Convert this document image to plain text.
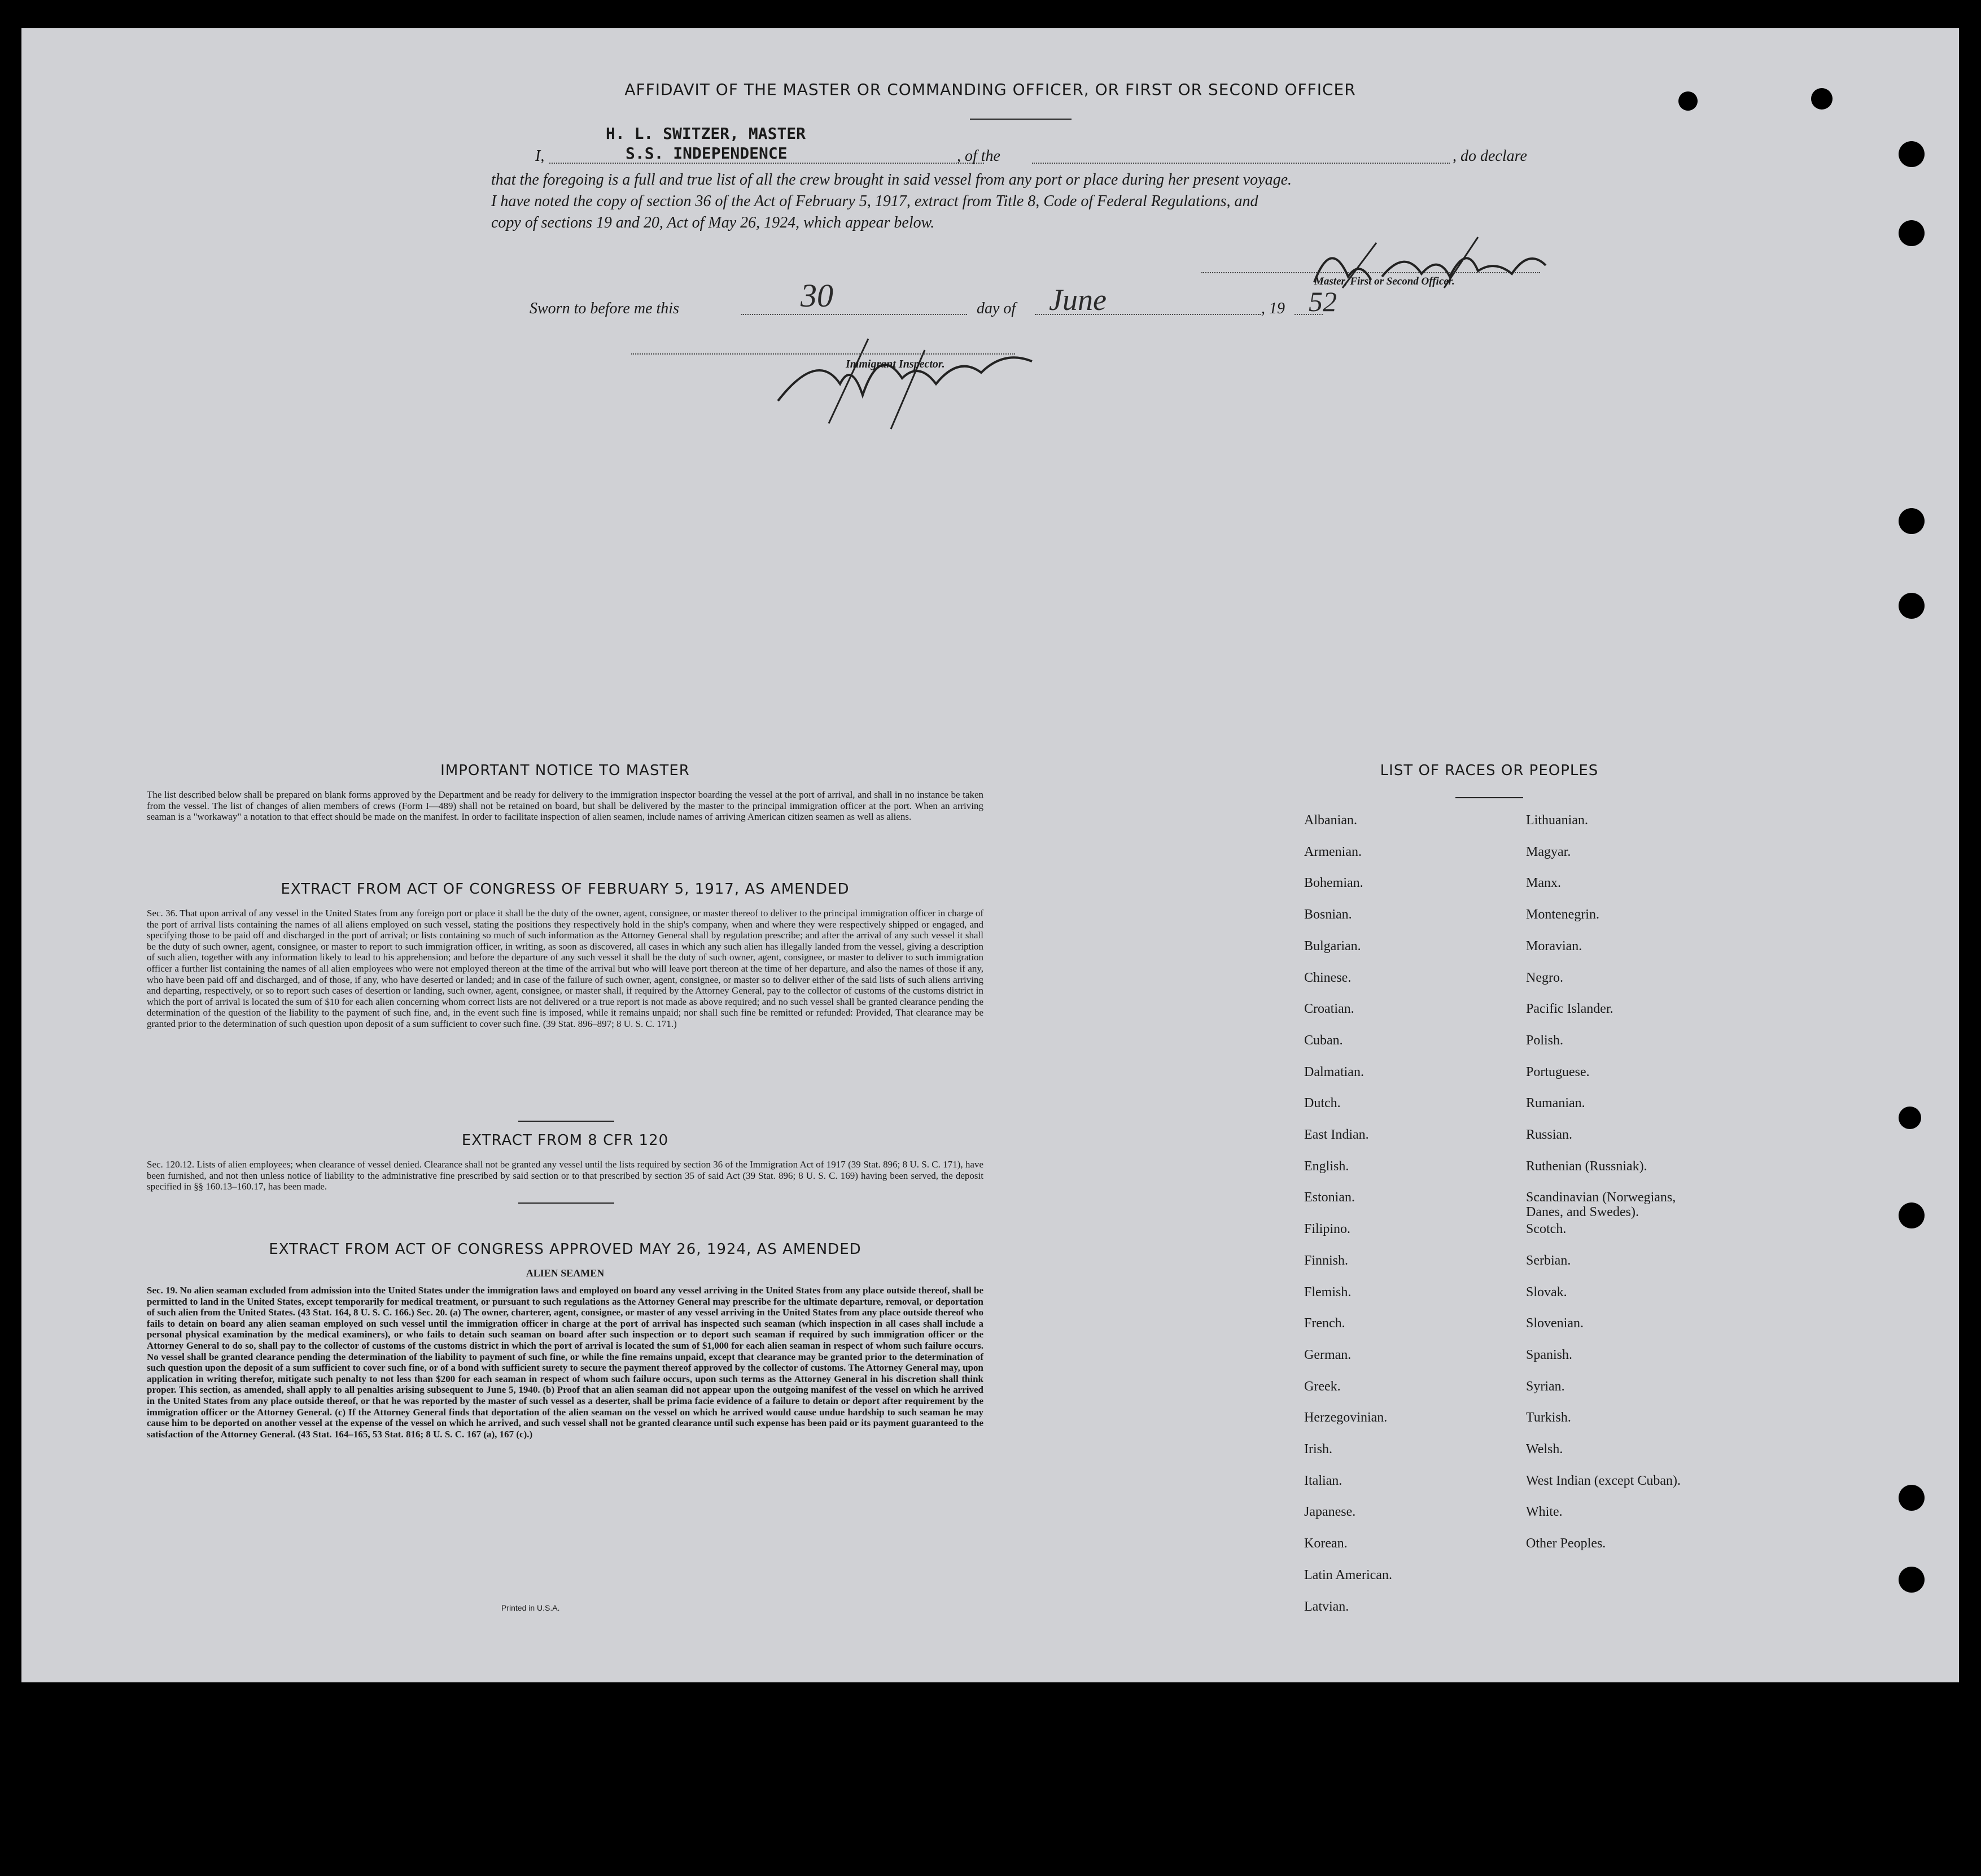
AFFIDAVIT OF THE MASTER OR COMMANDING OFFICER, OR FIRST OR SECOND OFFICER
H. L. SWITZER, MASTER
S.S. INDEPENDENCE
I,	, of the	, do declare
that the foregoing is a full and true list of all the crew brought in said vessel from any port or place during her present voyage.
I have noted the copy of section 36 of the Act of February 5, 1917, extract from Title 8, Code of Federal Regulations, and
copy of sections 19 and 20, Act of May 26, 1924, which appear below.
Master, First or Second Officer.
Sworn to before me this	30	day of June	, 19 52
Immigrant Inspector.
IMPORTANT NOTICE TO MASTER
The list described below shall be prepared on blank forms approved by the Department and be ready for delivery to the immigration inspector boarding the vessel at the port of arrival, and shall in no instance be taken from the vessel. The list of changes of alien members of crews (Form I—489) shall not be retained on board, but shall be delivered by the master to the principal immigration officer at the port. When an arriving seaman is a "workaway" a notation to that effect should be made on the manifest. In order to facilitate inspection of alien seamen, include names of arriving American citizen seamen as well as aliens.
EXTRACT FROM ACT OF CONGRESS OF FEBRUARY 5, 1917, AS AMENDED
Sec. 36. That upon arrival of any vessel in the United States from any foreign port or place it shall be the duty of the owner, agent, consignee, or master thereof to deliver to the principal immigration officer in charge of the port of arrival lists containing the names of all aliens employed on such vessel, stating the positions they respectively hold in the ship's company, when and where they were respectively shipped or engaged, and specifying those to be paid off and discharged in the port of arrival; or lists containing so much of such information as the Attorney General shall by regulation prescribe; and after the arrival of any such vessel it shall be the duty of such owner, agent, consignee, or master to report to such immigration officer, in writing, as soon as discovered, all cases in which any such alien has illegally landed from the vessel, giving a description of such alien, together with any information likely to lead to his apprehension; and before the departure of any such vessel it shall be the duty of such owner, agent, consignee, or master to deliver to such immigration officer a further list containing the names of all alien employees who were not employed thereon at the time of the arrival but who will leave port thereon at the time of her departure, and also the names of those if any, who have been paid off and discharged, and of those, if any, who have deserted or landed; and in case of the failure of such owner, agent, consignee, or master so to deliver either of the said lists of such aliens arriving and departing, respectively, or so to report such cases of desertion or landing, such owner, agent, consignee, or master shall, if required by the Attorney General, pay to the collector of customs of the customs district in which the port of arrival is located the sum of $10 for each alien concerning whom correct lists are not delivered or a true report is not made as above required; and no such vessel shall be granted clearance pending the determination of the question of the liability to the payment of such fine, and, in the event such fine is imposed, while it remains unpaid; nor shall such fine be remitted or refunded: Provided, That clearance may be granted prior to the determination of such question upon deposit of a sum sufficient to cover such fine. (39 Stat. 896–897; 8 U. S. C. 171.)
EXTRACT FROM 8 CFR 120
Sec. 120.12. Lists of alien employees; when clearance of vessel denied. Clearance shall not be granted any vessel until the lists required by section 36 of the Immigration Act of 1917 (39 Stat. 896; 8 U. S. C. 171), have been furnished, and not then unless notice of liability to the administrative fine prescribed by said section or to that prescribed by section 35 of said Act (39 Stat. 896; 8 U. S. C. 169) having been served, the deposit specified in §§ 160.13–160.17, has been made.
EXTRACT FROM ACT OF CONGRESS APPROVED MAY 26, 1924, AS AMENDED
ALIEN SEAMEN
Sec. 19. No alien seaman excluded from admission into the United States under the immigration laws and employed on board any vessel arriving in the United States from any place outside thereof, shall be permitted to land in the United States, except temporarily for medical treatment, or pursuant to such regulations as the Attorney General may prescribe for the ultimate departure, removal, or deportation of such alien from the United States. (43 Stat. 164, 8 U. S. C. 166.) Sec. 20. (a) The owner, charterer, agent, consignee, or master of any vessel arriving in the United States from any place outside thereof who fails to detain on board any alien seaman employed on such vessel until the immigration officer in charge at the port of arrival has inspected such seaman (which inspection in all cases shall include a personal physical examination by the medical examiners), or who fails to detain such seaman on board after such inspection or to deport such seaman if required by such immigration officer or the Attorney General to do so, shall pay to the collector of customs of the customs district in which the port of arrival is located the sum of $1,000 for each alien seaman in respect of whom such failure occurs. No vessel shall be granted clearance pending the determination of the liability to payment of such fine, or while the fine remains unpaid, except that clearance may be granted prior to the determination of such question upon the deposit of a sum sufficient to cover such fine, or of a bond with sufficient surety to secure the payment thereof approved by the collector of customs. The Attorney General may, upon application in writing therefor, mitigate such penalty to not less than $200 for each seaman in respect of whom such failure occurs, upon such terms as the Attorney General in his discretion shall think proper. This section, as amended, shall apply to all penalties arising subsequent to June 5, 1940. (b) Proof that an alien seaman did not appear upon the outgoing manifest of the vessel on which he arrived in the United States from any place outside thereof, or that he was reported by the master of such vessel as a deserter, shall be prima facie evidence of a failure to detain or deport after requirement by the immigration officer or the Attorney General. (c) If the Attorney General finds that deportation of the alien seaman on the vessel on which he arrived would cause undue hardship to such seaman he may cause him to be deported on another vessel at the expense of the vessel on which he arrived, and such vessel shall not be granted clearance until such expense has been paid or its payment guaranteed to the satisfaction of the Attorney General. (43 Stat. 164–165, 53 Stat. 816; 8 U. S. C. 167 (a), 167 (c).)
Printed in U.S.A.
LIST OF RACES OR PEOPLES
Albanian.
Armenian.
Bohemian.
Bosnian.
Bulgarian.
Chinese.
Croatian.
Cuban.
Dalmatian.
Dutch.
East Indian.
English.
Estonian.
Filipino.
Finnish.
Flemish.
French.
German.
Greek.
Herzegovinian.
Irish.
Italian.
Japanese.
Korean.
Latin American.
Latvian.
Lithuanian.
Magyar.
Manx.
Montenegrin.
Moravian.
Negro.
Pacific Islander.
Polish.
Portuguese.
Rumanian.
Russian.
Ruthenian (Russniak).
Scandinavian (Norwegians,
Danes, and Swedes).
Scotch.
Serbian.
Slovak.
Slovenian.
Spanish.
Syrian.
Turkish.
Welsh.
West Indian (except Cuban).
White.
Other Peoples.
